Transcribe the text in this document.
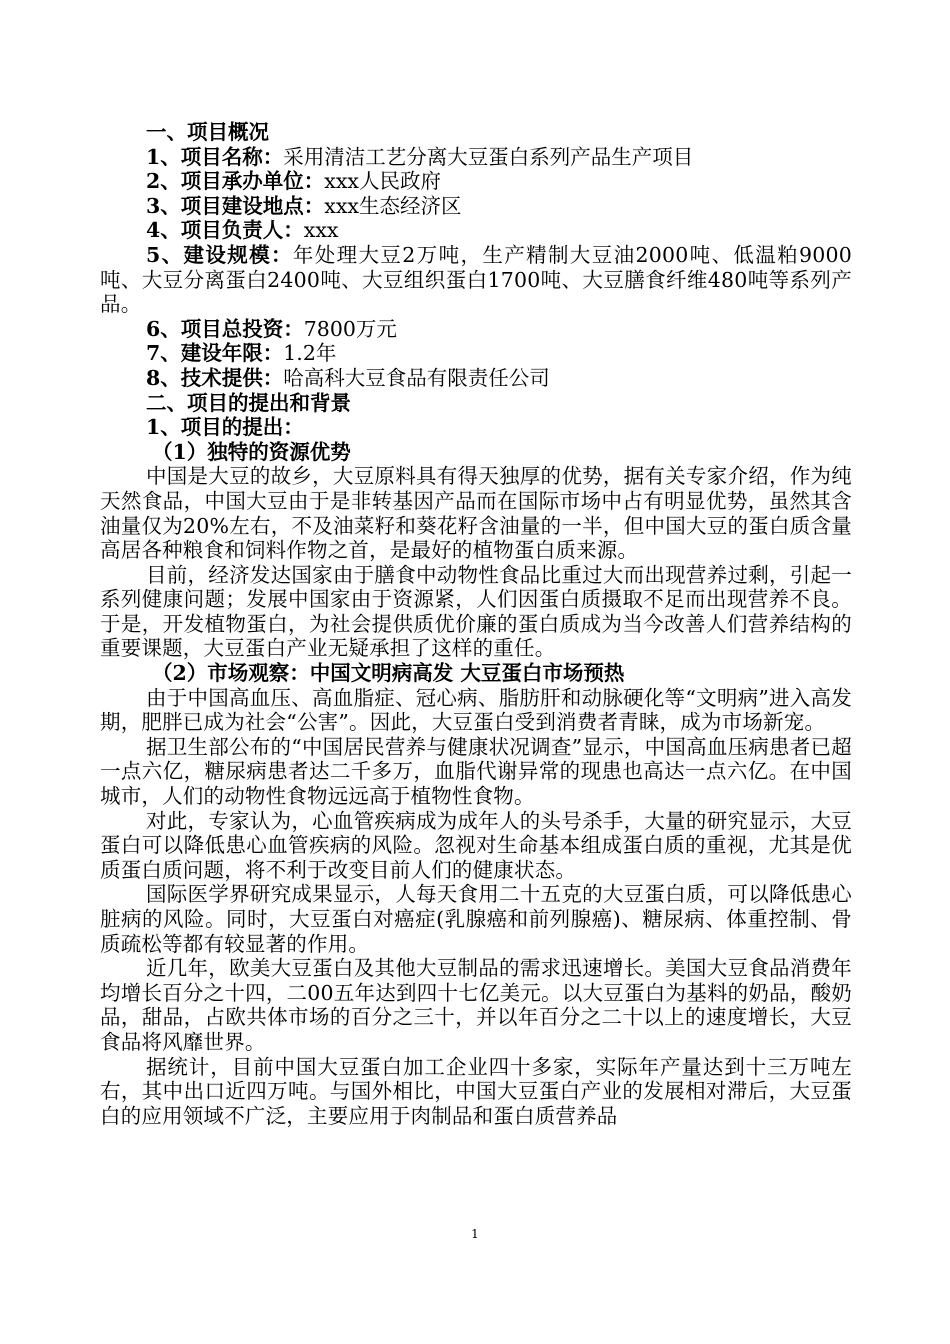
一、项目概况

1、项目名称：采用清洁工艺分离大豆蛋白系列产品生产项目

2、项目承办单位：xxx人民政府

3、项目建设地点：xxx生态经济区

4、项目负责人：xxx

5、建设规模：年处理大豆2万吨，生产精制大豆油2000吨、低温粕9000吨、大豆分离蛋白2400吨、大豆组织蛋白1700吨、大豆膳食纤维480吨等系列产品。

6、项目总投资：7800万元

7、建设年限：1.2年

8、技术提供：哈高科大豆食品有限责任公司

二、项目的提出和背景

1、项目的提出：

（1）独特的资源优势

中国是大豆的故乡，大豆原料具有得天独厚的优势，据有关专家介绍，作为纯天然食品，中国大豆由于是非转基因产品而在国际市场中占有明显优势，虽然其含油量仅为20%左右，不及油菜籽和葵花籽含油量的一半，但中国大豆的蛋白质含量高居各种粮食和饲料作物之首，是最好的植物蛋白质来源。

目前，经济发达国家由于膳食中动物性食品比重过大而出现营养过剩，引起一系列健康问题；发展中国家由于资源紧，人们因蛋白质摄取不足而出现营养不良。于是，开发植物蛋白，为社会提供质优价廉的蛋白质成为当今改善人们营养结构的重要课题，大豆蛋白产业无疑承担了这样的重任。

（2）市场观察：中国文明病高发 大豆蛋白市场预热

由于中国高血压、高血脂症、冠心病、脂肪肝和动脉硬化等“文明病”进入高发期，肥胖已成为社会“公害”。因此，大豆蛋白受到消费者青睐，成为市场新宠。

据卫生部公布的“中国居民营养与健康状况调查”显示，中国高血压病患者已超一点六亿，糖尿病患者达二千多万，血脂代谢异常的现患也高达一点六亿。在中国城市，人们的动物性食物远远高于植物性食物。

对此，专家认为，心血管疾病成为成年人的头号杀手，大量的研究显示，大豆蛋白可以降低患心血管疾病的风险。忽视对生命基本组成蛋白质的重视，尤其是优质蛋白质问题，将不利于改变目前人们的健康状态。

国际医学界研究成果显示，人每天食用二十五克的大豆蛋白质，可以降低患心脏病的风险。同时，大豆蛋白对癌症(乳腺癌和前列腺癌)、糖尿病、体重控制、骨质疏松等都有较显著的作用。

近几年，欧美大豆蛋白及其他大豆制品的需求迅速增长。美国大豆食品消费年均增长百分之十四，二00五年达到四十七亿美元。以大豆蛋白为基料的奶品，酸奶品，甜品，占欧共体市场的百分之三十，并以年百分之二十以上的速度增长，大豆食品将风靡世界。

据统计，目前中国大豆蛋白加工企业四十多家，实际年产量达到十三万吨左右，其中出口近四万吨。与国外相比，中国大豆蛋白产业的发展相对滞后，大豆蛋白的应用领域不广泛，主要应用于肉制品和蛋白质营养品

1
